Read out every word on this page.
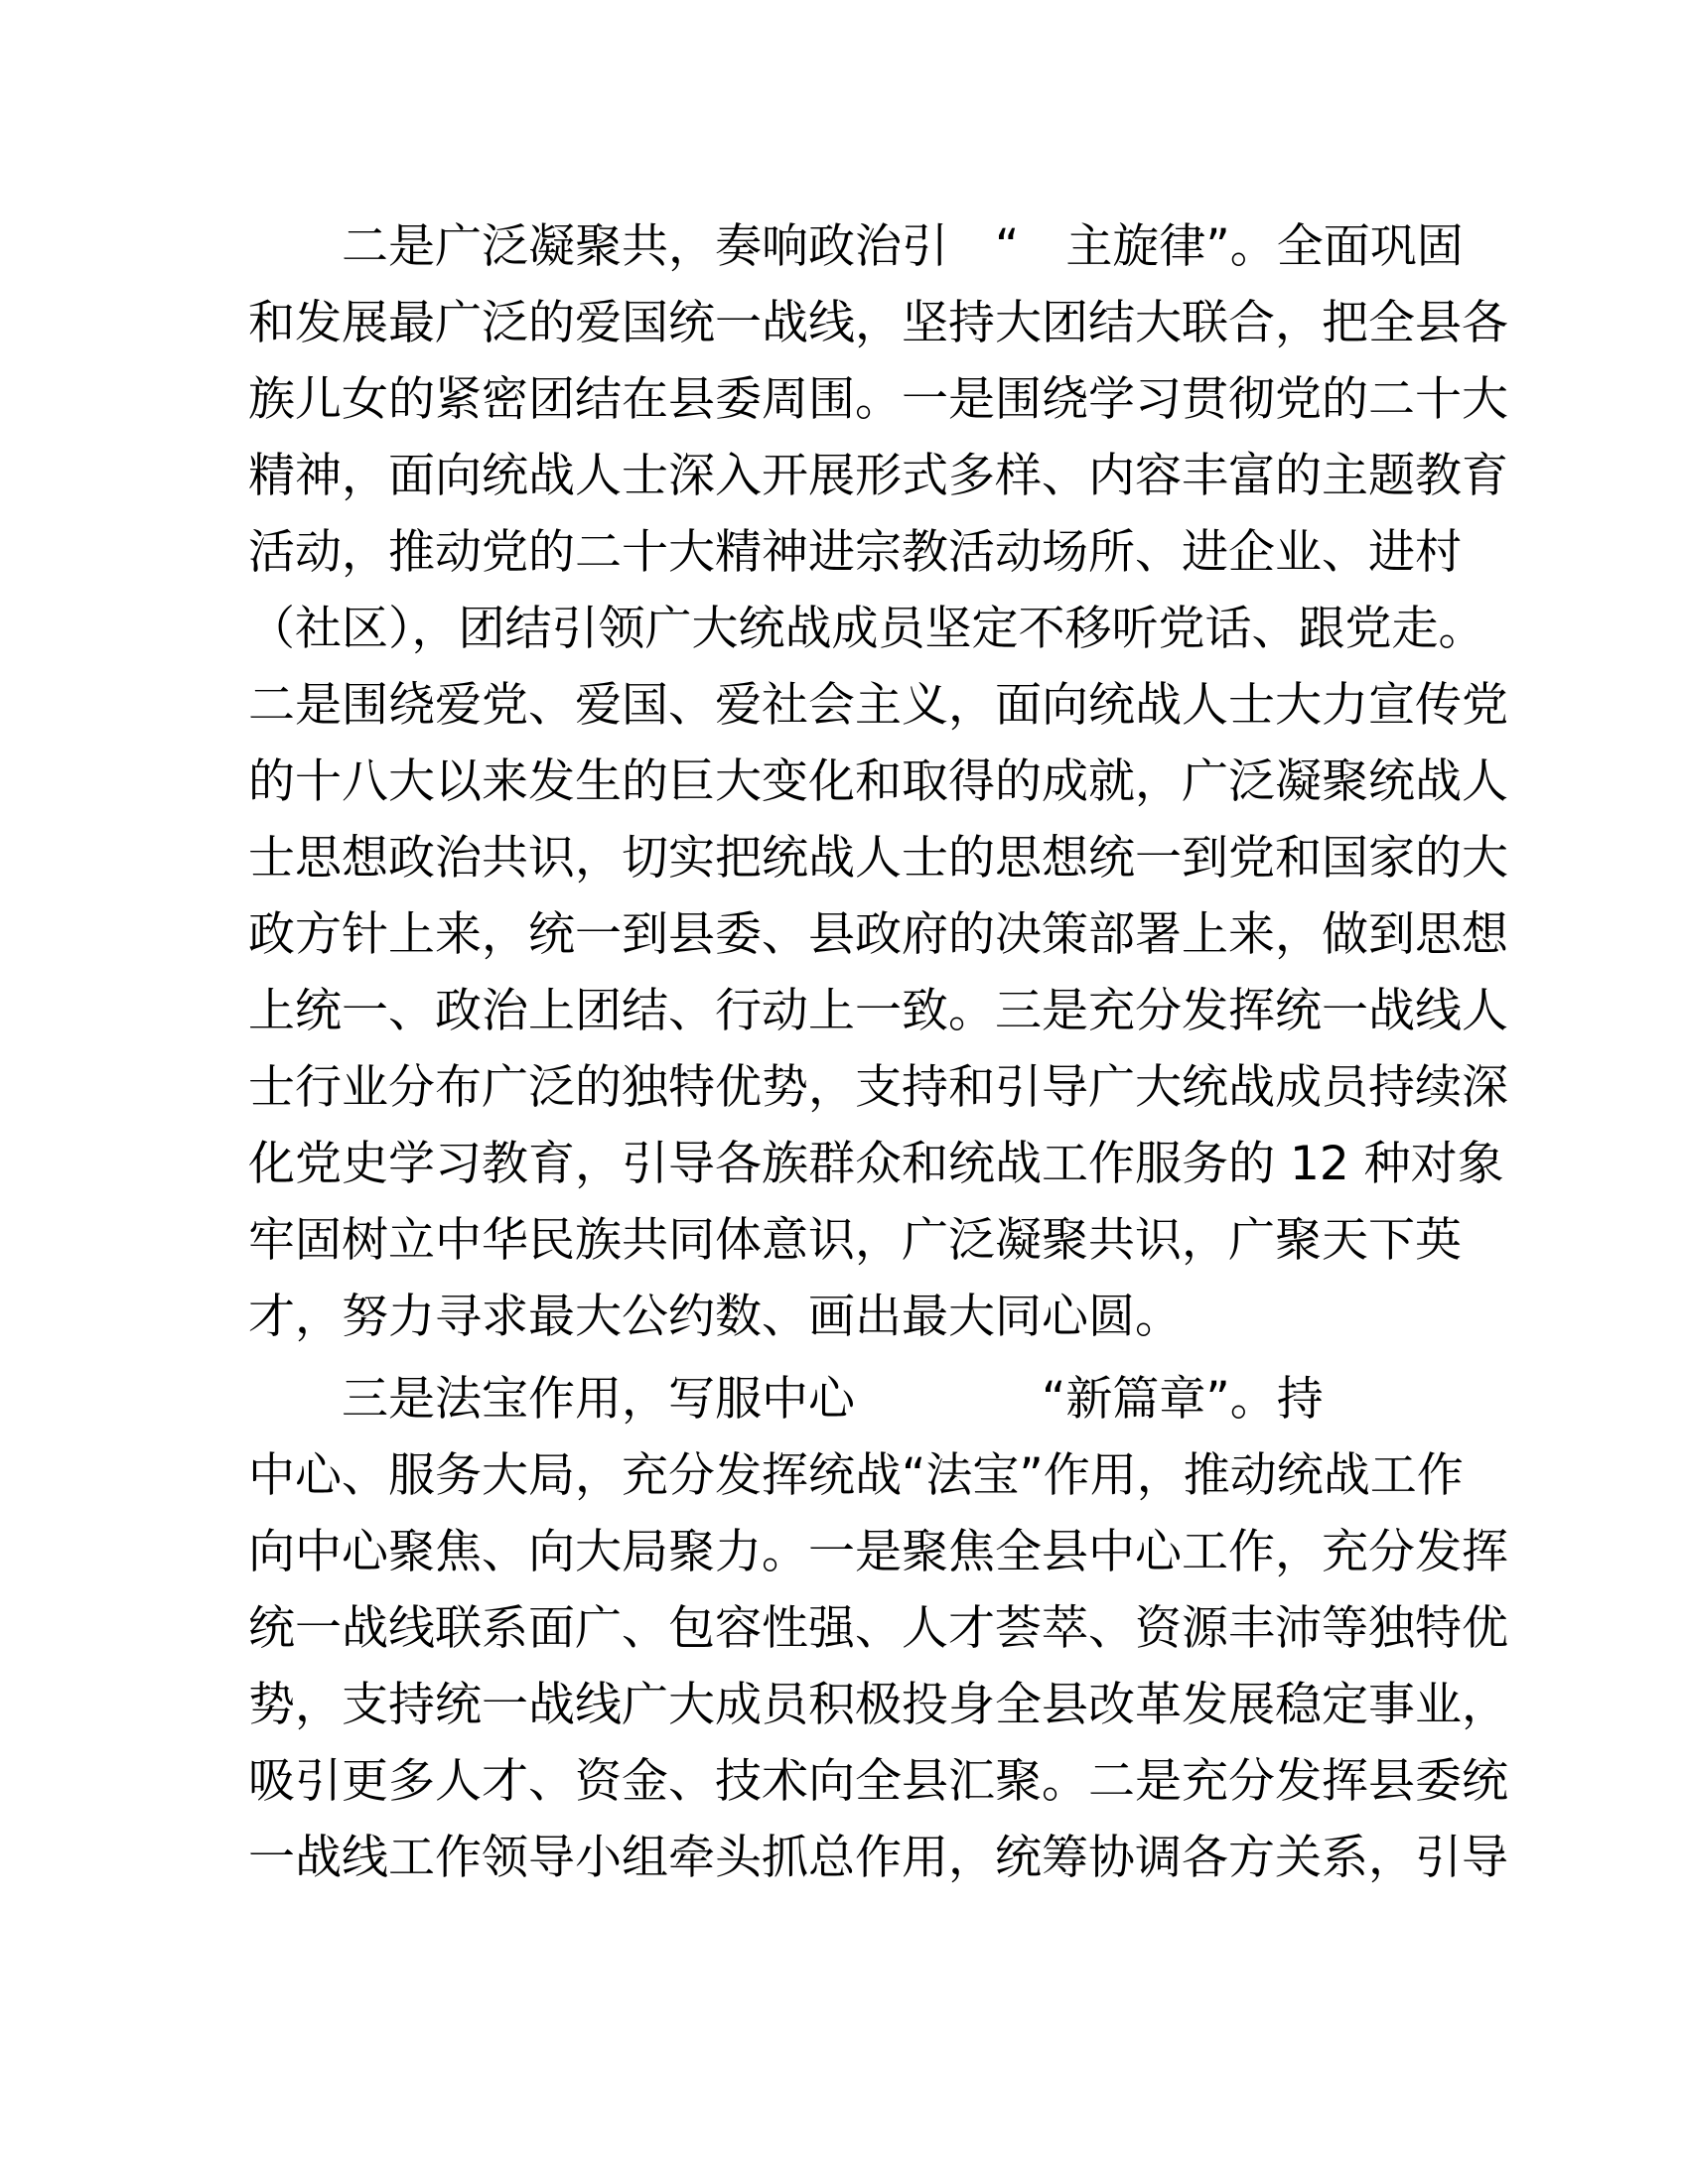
　　二是广泛凝聚共，奏响政治引　“　主旋律”。全面巩固

和发展最广泛的爱国统一战线，坚持大团结大联合，把全县各

族儿女的紧密团结在县委周围。一是围绕学习贯彻党的二十大

精神，面向统战人士深入开展形式多样、内容丰富的主题教育

活动，推动党的二十大精神进宗教活动场所、进企业、进村

（社区），团结引领广大统战成员坚定不移听党话、跟党走。

二是围绕爱党、爱国、爱社会主义，面向统战人士大力宣传党

的十八大以来发生的巨大变化和取得的成就，广泛凝聚统战人

士思想政治共识，切实把统战人士的思想统一到党和国家的大

政方针上来，统一到县委、县政府的决策部署上来，做到思想

上统一、政治上团结、行动上一致。三是充分发挥统一战线人

士行业分布广泛的独特优势，支持和引导广大统战成员持续深

化党史学习教育，引导各族群众和统战工作服务的 12 种对象

牢固树立中华民族共同体意识，广泛凝聚共识，广聚天下英

才，努力寻求最大公约数、画出最大同心圆。

　　三是法宝作用，写服中心　　　　“新篇章”。持

中心、服务大局，充分发挥统战“法宝”作用，推动统战工作

向中心聚焦、向大局聚力。一是聚焦全县中心工作，充分发挥

统一战线联系面广、包容性强、人才荟萃、资源丰沛等独特优

势，支持统一战线广大成员积极投身全县改革发展稳定事业，

吸引更多人才、资金、技术向全县汇聚。二是充分发挥县委统

一战线工作领导小组牵头抓总作用，统筹协调各方关系，引导
